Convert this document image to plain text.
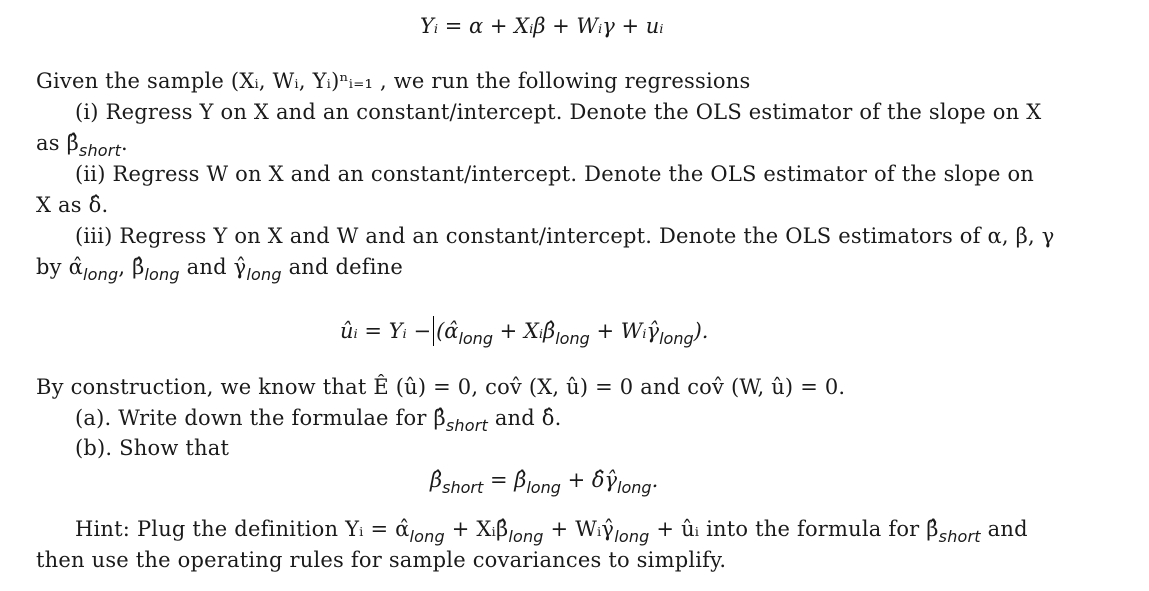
Yᵢ = α + Xᵢβ + Wᵢγ + uᵢ
Given the sample (Xᵢ, Wᵢ, Yᵢ)ⁿᵢ₌₁ , we run the following regressions
(i) Regress Y on X and an constant/intercept. Denote the OLS estimator of the slope on X
as $\betâ_{short}$.
(ii) Regress W on X and an constant/intercept. Denote the OLS estimator of the slope on
X as δ̂.
(iii) Regress Y on X and W and an constant/intercept. Denote the OLS estimators of α, β, γ
by $\alphâ_{long}$, $\betâ_{long}$ and $\gammâ_{long}$ and define
ûᵢ = Yᵢ − ($\alphâ_{long}$ + $Xᵢ\betâ_{long}$ + $Wᵢ\gammâ_{long}$).
By construction, we know that Ê (û) = 0, cov̂ (X, û) = 0 and cov̂ (W, û) = 0.
(a). Write down the formulae for $\betâ_{short}$ and δ̂.
(b). Show that
$\betâ_{short}$ = $\betâ_{long}$ + $\deltâ\gammâ_{long}$.
Hint: Plug the definition Yᵢ = $\alphâ_{long}$ + $Xᵢ\betâ_{long}$ + $Wᵢ\gammâ_{long}$ + ûᵢ into the formula for $\betâ_{short}$ and
then use the operating rules for sample covariances to simplify.
